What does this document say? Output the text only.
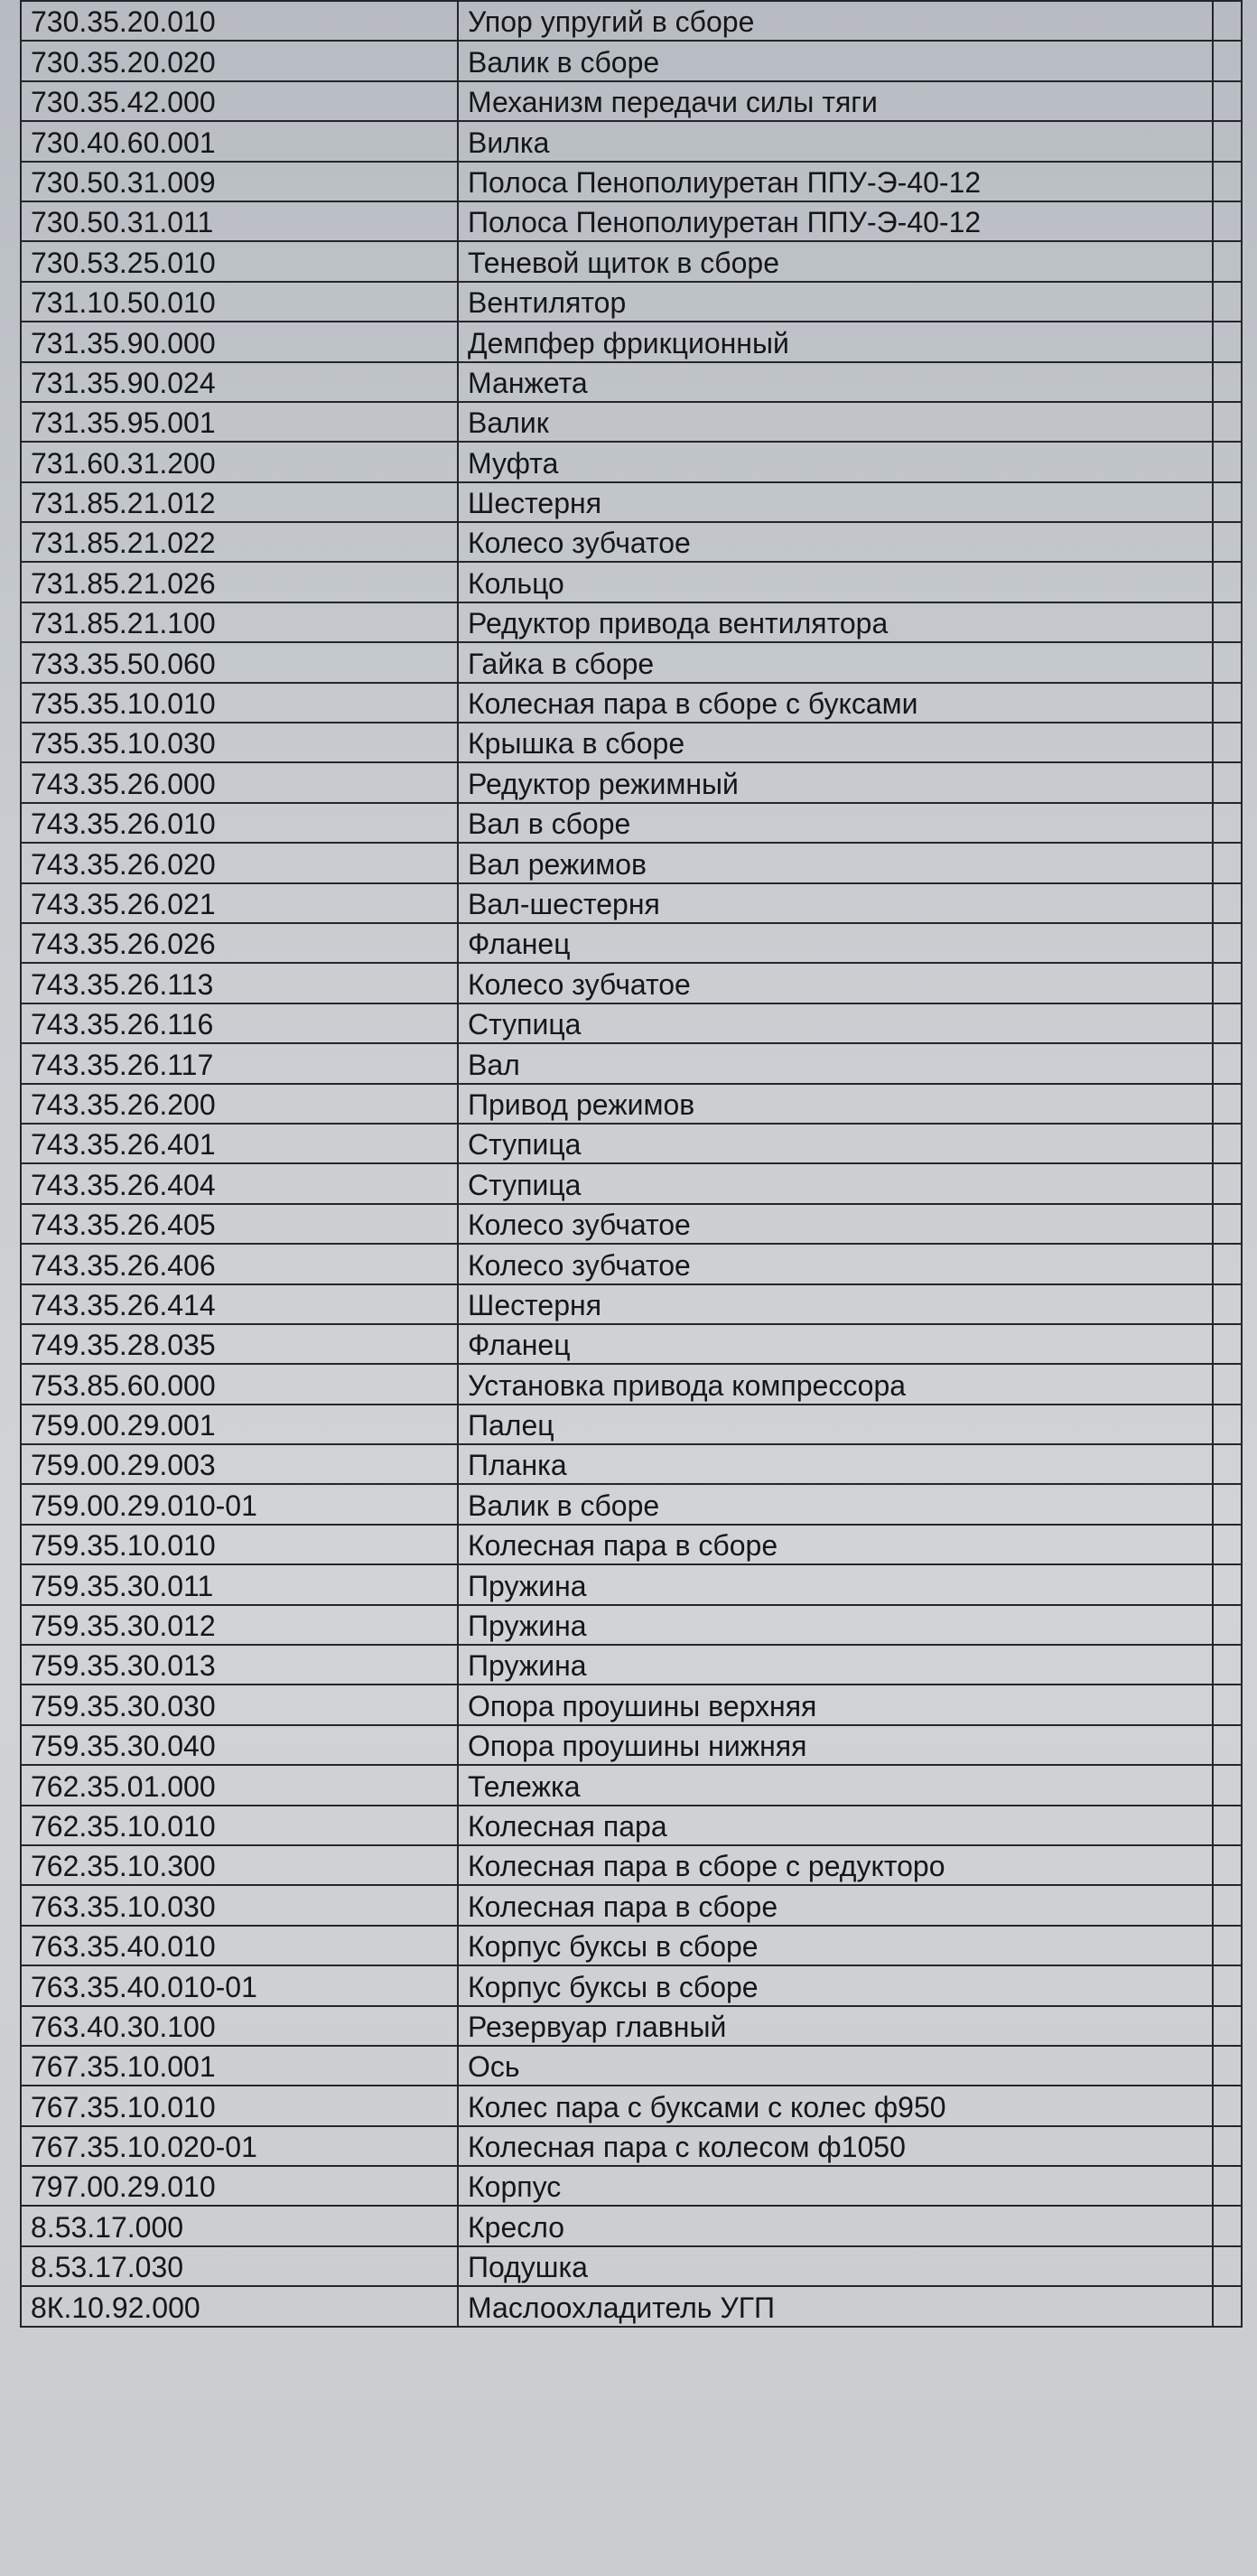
730.35.20.010	Упор упругий в сборе	
730.35.20.020	Валик в сборе	
730.35.42.000	Механизм передачи силы тяги	
730.40.60.001	Вилка	
730.50.31.009	Полоса Пенополиуретан ППУ-Э-40-12	
730.50.31.011	Полоса Пенополиуретан ППУ-Э-40-12	
730.53.25.010	Теневой щиток в сборе	
731.10.50.010	Вентилятор	
731.35.90.000	Демпфер фрикционный	
731.35.90.024	Манжета	
731.35.95.001	Валик	
731.60.31.200	Муфта	
731.85.21.012	Шестерня	
731.85.21.022	Колесо зубчатое	
731.85.21.026	Кольцо	
731.85.21.100	Редуктор привода вентилятора	
733.35.50.060	Гайка в сборе	
735.35.10.010	Колесная пара в сборе с буксами	
735.35.10.030	Крышка в сборе	
743.35.26.000	Редуктор режимный	
743.35.26.010	Вал в сборе	
743.35.26.020	Вал режимов	
743.35.26.021	Вал-шестерня	
743.35.26.026	Фланец	
743.35.26.113	Колесо зубчатое	
743.35.26.116	Ступица	
743.35.26.117	Вал	
743.35.26.200	Привод режимов	
743.35.26.401	Ступица	
743.35.26.404	Ступица	
743.35.26.405	Колесо зубчатое	
743.35.26.406	Колесо зубчатое	
743.35.26.414	Шестерня	
749.35.28.035	Фланец	
753.85.60.000	Установка привода компрессора	
759.00.29.001	Палец	
759.00.29.003	Планка	
759.00.29.010-01	Валик в сборе	
759.35.10.010	Колесная пара в сборе	
759.35.30.011	Пружина	
759.35.30.012	Пружина	
759.35.30.013	Пружина	
759.35.30.030	Опора проушины верхняя	
759.35.30.040	Опора проушины нижняя	
762.35.01.000	Тележка	
762.35.10.010	Колесная пара	
762.35.10.300	Колесная пара в сборе с редукторо	
763.35.10.030	Колесная пара в сборе	
763.35.40.010	Корпус буксы в сборе	
763.35.40.010-01	Корпус буксы в сборе	
763.40.30.100	Резервуар главный	
767.35.10.001	Ось	
767.35.10.010	Колес пара с буксами с колес ф950	
767.35.10.020-01	Колесная пара с колесом ф1050	
797.00.29.010	Корпус	
8.53.17.000	Кресло	
8.53.17.030	Подушка	
8К.10.92.000	Маслоохладитель УГП	
